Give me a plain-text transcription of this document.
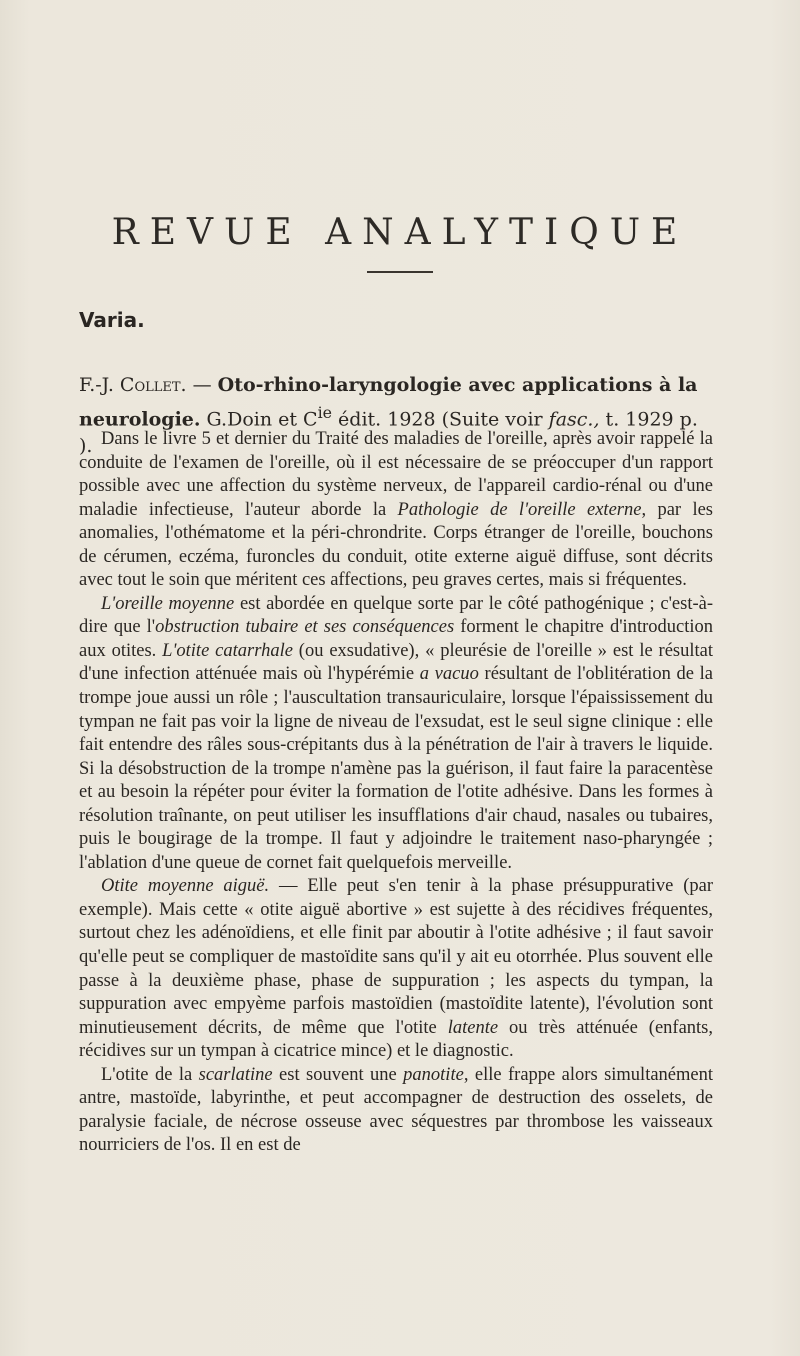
REVUE ANALYTIQUE
Varia.
F.-J. Collet. — Oto-rhino-laryngologie avec applications à la neurologie. G.Doin et $C^{ie}$ édit. 1928 (Suite voir fasc., t. 1929 p. ). Dans le livre 5 et dernier du Traité des maladies de l'oreille, après avoir rappelé la conduite de l'examen de l'oreille, où il est nécessaire de se préoccuper d'un rapport possible avec une affection du système nerveux, de l'appareil cardio-rénal ou d'une maladie infectieuse, l'auteur aborde la Pathologie de l'oreille externe, par les anomalies, l'othématome et la péri-chrondrite. Corps étranger de l'oreille, bouchons de cérumen, eczéma, furoncles du conduit, otite externe aiguë diffuse, sont décrits avec tout le soin que méritent ces affections, peu graves certes, mais si fréquentes.

L'oreille moyenne est abordée en quelque sorte par le côté pathogénique ; c'est-à-dire que l'obstruction tubaire et ses conséquences forment le chapitre d'introduction aux otites. L'otite catarrhale (ou exsudative), « pleurésie de l'oreille » est le résultat d'une infection atténuée mais où l'hypérémie a vacuo résultant de l'oblitération de la trompe joue aussi un rôle ; l'auscultation transauriculaire, lorsque l'épaississement du tympan ne fait pas voir la ligne de niveau de l'exsudat, est le seul signe clinique : elle fait entendre des râles sous-crépitants dus à la pénétration de l'air à travers le liquide. Si la désobstruction de la trompe n'amène pas la guérison, il faut faire la paracentèse et au besoin la répéter pour éviter la formation de l'otite adhésive. Dans les formes à résolution traînante, on peut utiliser les insufflations d'air chaud, nasales ou tubaires, puis le bougirage de la trompe. Il faut y adjoindre le traitement naso-pharyngée ; l'ablation d'une queue de cornet fait quelquefois merveille.

Otite moyenne aiguë. — Elle peut s'en tenir à la phase présuppurative (par exemple). Mais cette « otite aiguë abortive » est sujette à des récidives fréquentes, surtout chez les adénoïdiens, et elle finit par aboutir à l'otite adhésive ; il faut savoir qu'elle peut se compliquer de mastoïdite sans qu'il y ait eu otorrhée. Plus souvent elle passe à la deuxième phase, phase de suppuration ; les aspects du tympan, la suppuration avec empyème parfois mastoïdien (mastoïdite latente), l'évolution sont minutieusement décrits, de même que l'otite latente ou très atténuée (enfants, récidives sur un tympan à cicatrice mince) et le diagnostic.

L'otite de la scarlatine est souvent une panotite, elle frappe alors simultanément antre, mastoïde, labyrinthe, et peut accompagner de destruction des osselets, de paralysie faciale, de nécrose osseuse avec séquestres par thrombose les vaisseaux nourriciers de l'os. Il en est de
